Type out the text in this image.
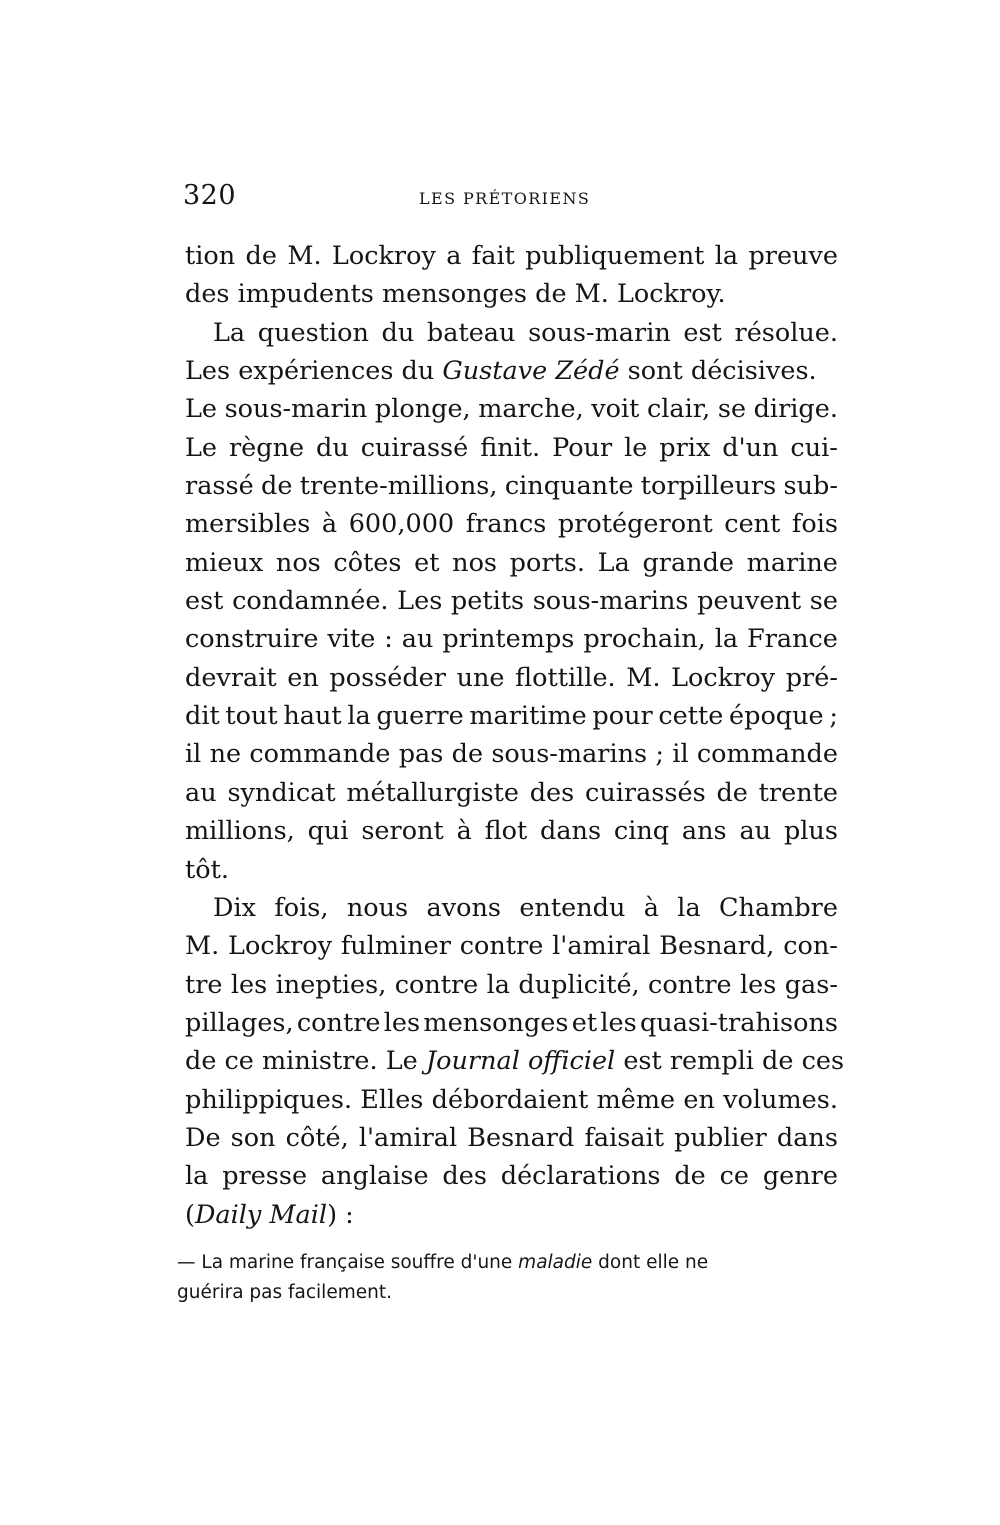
320	LES PRÉTORIENS
tion de M. Lockroy a fait publiquement la preuve
des impudents mensonges de M. Lockroy.
La question du bateau sous-marin est résolue.
Les expériences du Gustave Zédé sont décisives.
Le sous-marin plonge, marche, voit clair, se dirige.
Le règne du cuirassé finit. Pour le prix d'un cui-
rassé de trente-millions, cinquante torpilleurs sub-
mersibles à 600,000 francs protégeront cent fois
mieux nos côtes et nos ports. La grande marine
est condamnée. Les petits sous-marins peuvent se
construire vite : au printemps prochain, la France
devrait en posséder une flottille. M. Lockroy pré-
dit tout haut la guerre maritime pour cette époque ;
il ne commande pas de sous-marins ; il commande
au syndicat métallurgiste des cuirassés de trente
millions, qui seront à flot dans cinq ans au plus
tôt.
Dix fois, nous avons entendu à la Chambre
M. Lockroy fulminer contre l'amiral Besnard, con-
tre les inepties, contre la duplicité, contre les gas-
pillages, contre les mensonges et les quasi-trahisons
de ce ministre. Le Journal officiel est rempli de ces
philippiques. Elles débordaient même en volumes.
De son côté, l'amiral Besnard faisait publier dans
la presse anglaise des déclarations de ce genre
(Daily Mail) :
— La marine française souffre d'une maladie dont elle ne
guérira pas facilement.
